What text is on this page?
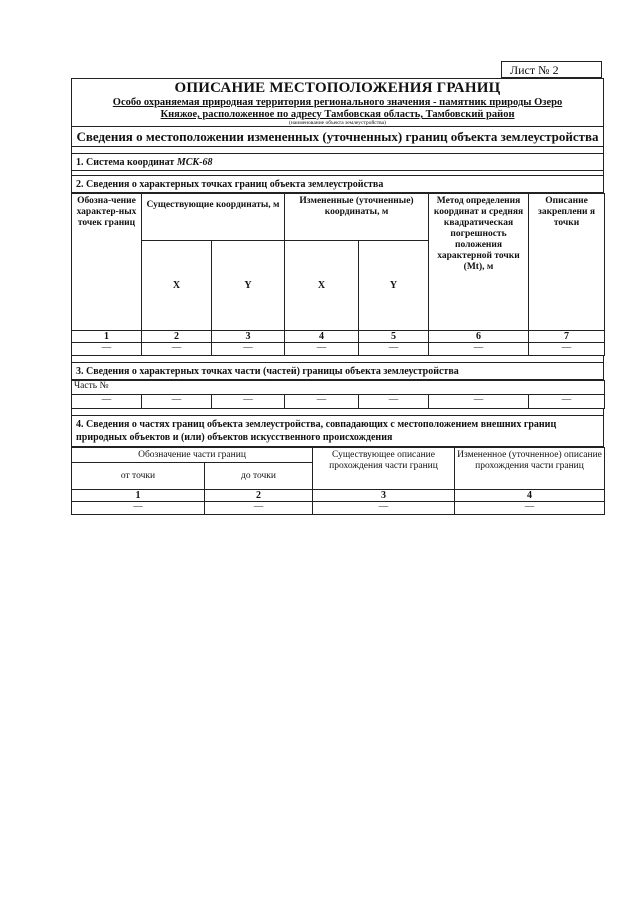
Лист № 2
ОПИСАНИЕ МЕСТОПОЛОЖЕНИЯ ГРАНИЦ
Особо охраняемая природная территория регионального значения - памятник природы Озеро
Княжое, расположенное по адресу Тамбовская область, Тамбовский район
(наименование объекта землеустройства)
Сведения о местоположении измененных (уточненных) границ объекта землеустройства
1. Система координат МСК-68
2. Сведения о характерных точках границ объекта землеустройства
Обозна-чение характер-ных точек границ	Существующие координаты, м		Измененные (уточненные) координаты, м		Метод определения координат и средняя квадратическая погрешность положения характерной точки (Mt), м	Описание закреплени я точки
	X	Y	X	Y		
1	2	3	4	5	6	7
—	—	—	—	—	—	—
3. Сведения о характерных точках части (частей) границы объекта землеустройства
Часть №
—	—	—	—	—	—	—
4. Сведения о частях границ объекта землеустройства, совпадающих с местоположением внешних границ природных объектов и (или) объектов искусственного происхождения
Обозначение части границ		Существующее описание прохождения части границ	Измененное (уточненное) описание прохождения части границ
от точки	до точки		
1	2	3	4
—	—	—	—
